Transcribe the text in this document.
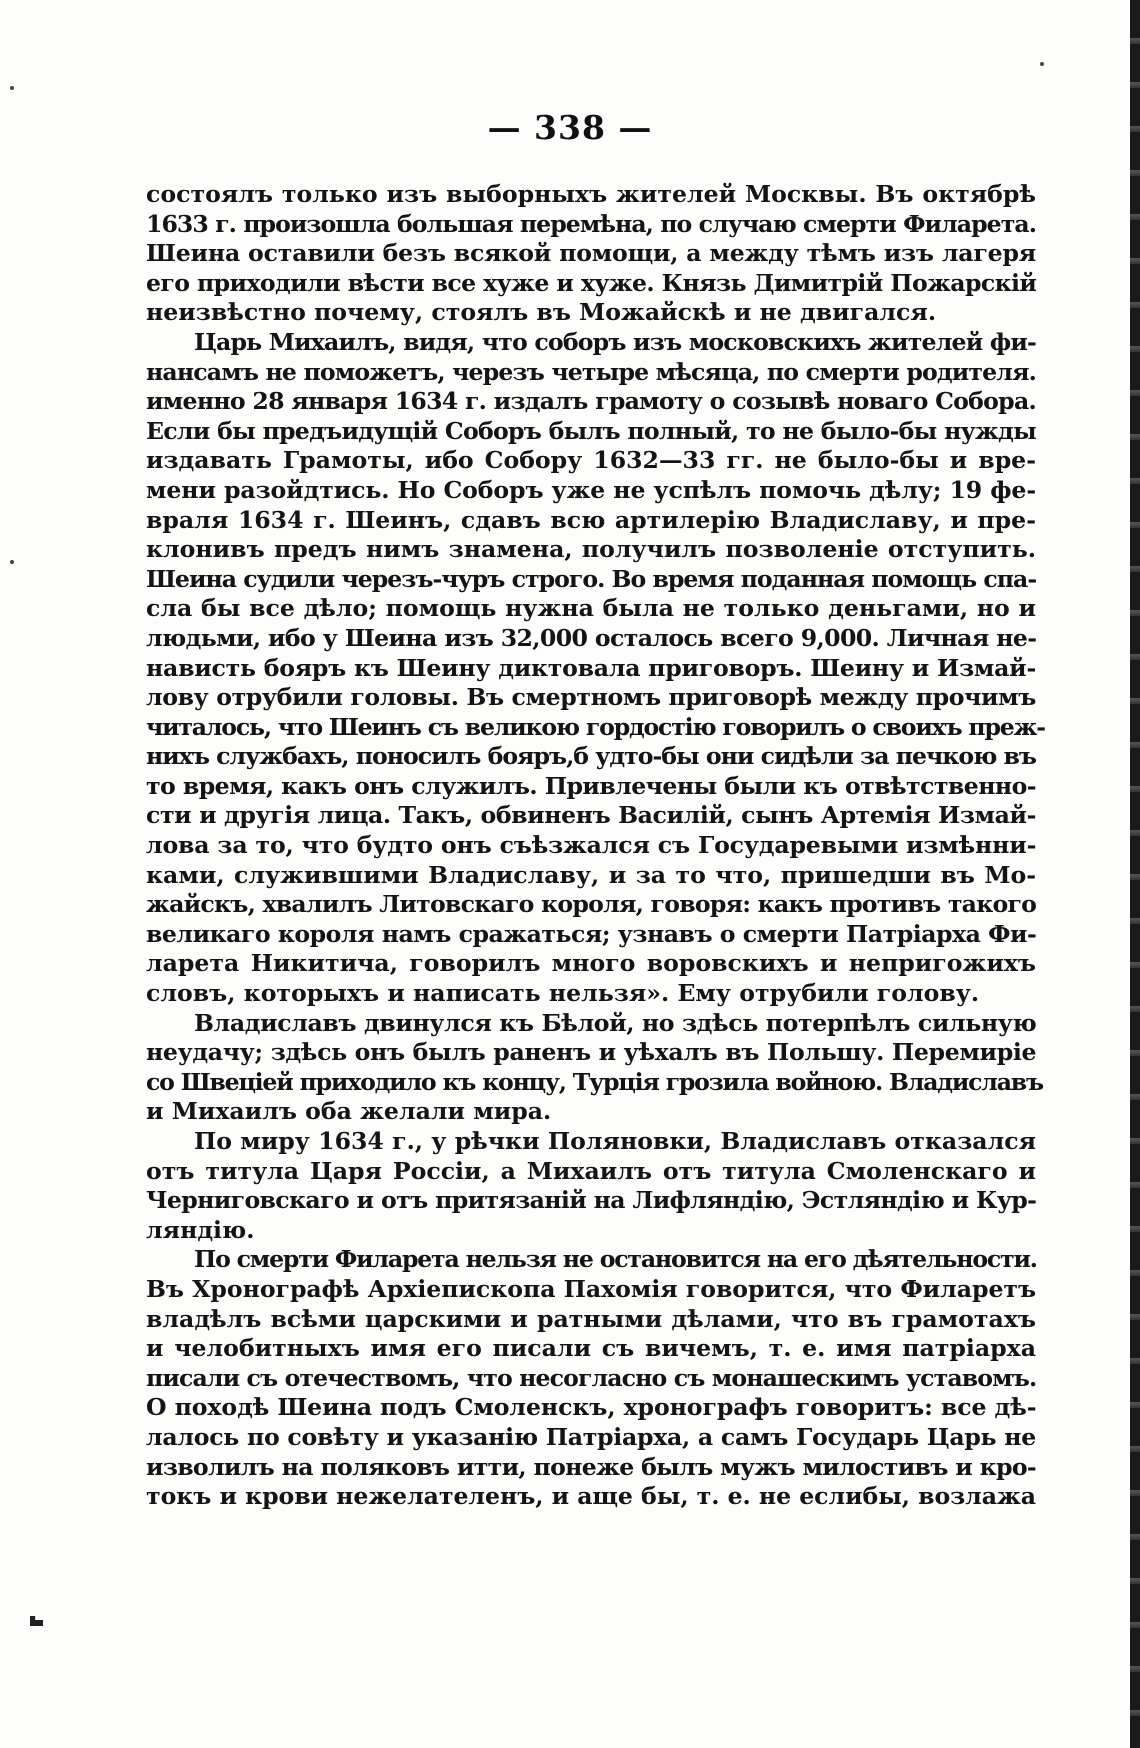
— 338 —
состоялъ только изъ выборныхъ жителей Москвы. Въ октябрѣ
1633 г. произошла большая перемѣна, по случаю смерти Филарета.
Шеина оставили безъ всякой помощи, а между тѣмъ изъ лагеря
его приходили вѣсти все хуже и хуже. Князь Димитрій Пожарскій
неизвѣстно почему, стоялъ въ Можайскѣ и не двигался.
Царь Михаилъ, видя, что соборъ изъ московскихъ жителей фи-
нансамъ не поможетъ, черезъ четыре мѣсяца, по смерти родителя.
именно 28 января 1634 г. издалъ грамоту о созывѣ новаго Собора.
Если бы предъидущій Соборъ былъ полный, то не было-бы нужды
издавать Грамоты, ибо Собору 1632—33 гг. не было-бы и вре-
мени разойдтись. Но Соборъ уже не успѣлъ помочь дѣлу; 19 фе-
враля 1634 г. Шеинъ, сдавъ всю артилерію Владиславу, и пре-
клонивъ предъ нимъ знамена, получилъ позволеніе отступить.
Шеина судили черезъ-чуръ строго. Во время поданная помощь спа-
сла бы все дѣло; помощь нужна была не только деньгами, но и
людьми, ибо у Шеина изъ 32,000 осталось всего 9,000. Личная не-
нависть бояръ къ Шеину диктовала приговоръ. Шеину и Измай-
лову отрубили головы. Въ смертномъ приговорѣ между прочимъ
читалось, что Шеинъ съ великою гордостію говорилъ о своихъ преж-
нихъ службахъ, поносилъ бояръ,б удто-бы они сидѣли за печкою въ
то время, какъ онъ служилъ. Привлечены были къ отвѣтственно-
сти и другія лица. Такъ, обвиненъ Василій, сынъ Артемія Измай-
лова за то, что будто онъ съѣзжался съ Государевыми измѣнни-
ками, служившими Владиславу, и за то что, пришедши въ Мо-
жайскъ, хвалилъ Литовскаго короля, говоря: какъ противъ такого
великаго короля намъ сражаться; узнавъ о смерти Патріарха Фи-
ларета Никитича, говорилъ много воровскихъ и непригожихъ
словъ, которыхъ и написать нельзя». Ему отрубили голову.
Владиславъ двинулся къ Бѣлой, но здѣсь потерпѣлъ сильную
неудачу; здѣсь онъ былъ раненъ и уѣхалъ въ Польшу. Перемиріе
со Швеціей приходило къ концу, Турція грозила войною. Владиславъ
и Михаилъ оба желали мира.
По миру 1634 г., у рѣчки Поляновки, Владиславъ отказался
отъ титула Царя Россіи, а Михаилъ отъ титула Смоленскаго и
Черниговскаго и отъ притязаній на Лифляндію, Эстляндію и Кур-
ляндію.
По смерти Филарета нельзя не остановится на его дѣятельности.
Въ Хронографѣ Архіепископа Пахомія говорится, что Филаретъ
владѣлъ всѣми царскими и ратными дѣлами, что въ грамотахъ
и челобитныхъ имя его писали съ вичемъ, т. е. имя патріарха
писали съ отечествомъ, что несогласно съ монашескимъ уставомъ.
О походѣ Шеина подъ Смоленскъ, хронографъ говоритъ: все дѣ-
лалось по совѣту и указанію Патріарха, а самъ Государь Царь не
изволилъ на поляковъ итти, понеже былъ мужъ милостивъ и кро-
токъ и крови нежелателенъ, и аще бы, т. е. не еслибы, возлажа
